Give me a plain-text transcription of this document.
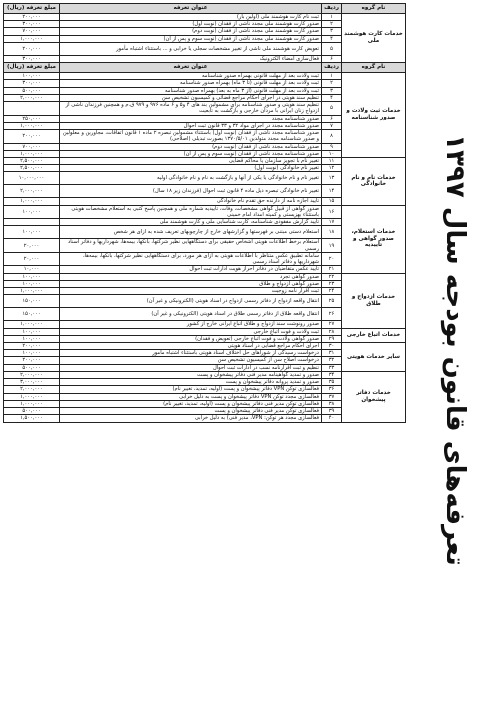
تعرفه‌های قانون بودجه سال ۱۳۹۷
مبلغ تعرفه (ریال)	عنوان تعرفه	ردیف	نام گروه
۲۰۰,۰۰۰	ثبت نام کارت هوشمند ملی (اولین بار)	۱	خدمات کارت هوشمند ملی
۳۰۰,۰۰۰	صدور کارت هوشمند ملی مجدد ناشی از فقدان (نوبت اول)	۲	
۷۰۰,۰۰۰	صدور کارت هوشمند ملی مجدد ناشی از فقدان (نوبت دوم)	۳	
۱,۰۰۰,۰۰۰	صدور کارت هوشمند ملی مجدد ناشی از فقدان (نوبت سوم و پس از آن)	۴	
۲۰۰,۰۰۰	تعویض کارت هوشمند ملی ناشی از تغییر مشخصات سجلی یا خرابی و ... باستثناء اشتباه مأمور	۵	
۳۰۰,۰۰۰	فعال‌سازی امضاء الکترونیک	۶	
مبلغ تعرفه (ریال)	عنوان تعرفه	ردیف	نام گروه
۱۰۰,۰۰۰	ثبت ولادت بعد از مهلت قانونی بهمراه صدور شناسنامه	۱	خدمات ثبت ولادت و صدور شناسنامه
۳۰۰,۰۰۰	ثبت ولادت بعد از مهلت قانونی (تا ۳ ماه) بهمراه صدور شناسنامه	۲	
۵۰۰,۰۰۰	ثبت ولادت بعد از مهلت قانونی (از ۳ ماه به بعد) بهمراه صدور شناسنامه	۳	
۲,۰۰۰,۰۰۰	تنظیم سند هویتی در اجرای احکام مراجع قضائی و کمیسیون تشخیص سن	۴	
	تنظیم سند هویتی و صدور شناسنامه برای مشمولین بند های ۴ و۵ و ۶ ماده ۹۷۶ و ۹۷۹ ق.م و همچنین فرزندان ناشی از ازدواج زنان ایرانی با مردان خارجی و بازگشت به تابعیت	۵	
۲۵۰,۰۰۰	صدور شناسنامه مجدد	۶	
۱,۰۰۰,۰۰۰	صدور شناسنامه مجدد در اجرای مواد ۳۲ و ۳۳ قانون ثبت احوال	۷	
۲۰۰,۰۰۰	صدور شناسنامه مجدد ناشی از فقدان (نوبت اول) باستثناء مشمولین تبصره ۲ ماده ۱ قانون اتفاقات، مجاورین و معلولین و صدور شناسنامه مجدد متولدین ۱۳۷۰/۵/۰۱ بصورت تبدیلی (اصلاحی)	۸	
۷۰۰,۰۰۰	صدور شناسنامه مجدد ناشی از فقدان (نوبت دوم)	۹	
۱,۰۰۰,۰۰۰	صدور شناسنامه مجدد ناشی از فقدان (نوبت سوم و پس از آن)	۱۰	
۲,۵۰۰,۰۰۰	تغییر نام با تجویز سازمان یا محاکم قضایی	۱۱	خدمات نام و نام خانوادگی
۲,۵۰۰,۰۰۰	تغییر نام خانوادگی (نوبت اول)	۱۲	
۱۰,۰۰۰,۰۰۰	تغییر نام و نام خانوادگی یا یکی از آنها و بازگشت به نام و نام خانوادگی اولیه	۱۳	
۲,۰۰۰,۰۰۰	تغییر نام خانوادگی تبصره ذیل ماده ۴ قانون ثبت احوال (فرزندان زیر ۱۸ سال)	۱۴	
۱,۰۰۰,۰۰۰	تأیید اجازه نامه از دارنده حق تقدم نام خانوادگی	۱۵	
۱۰۰,۰۰۰	صدور گواهی از قبیل گواهی مشخصات، وفات، تأییدیه شماره ملی و همچنین پاسخ کتبی به استعلام مشخصات هویتی باستثناء بهزیستی و کمیته امداد امام خمینی	۱۶	خدمات استعلام، صدور گواهی و تأییدیه
	تأیید گزارش مفقودی شناسنامه، کارت شناسایی ملی و کارت هوشمند ملی	۱۷	
۱۰۰,۰۰۰	استعلام دستی مبتنی بر فهرستها و گزارشهای خارج از چارچوبهای تعریف شده به ازای هر شخص	۱۸	
۲۰,۰۰۰	استعلام برخط اطلاعات هویتی اشخاص حقیقی برای دستگاههایی نظیر شرکتها، بانکها، بیمه‌ها، شهرداریها و دفاتر اسناد رسمی	۱۹	
۲۰,۰۰۰	سامانه تطبیق عکس متناظر با اطلاعات هویتی به ازای هر مورد، برای دستگاههایی نظیر شرکتها، بانکها، بیمه‌ها، شهرداریها و دفاتر اسناد رسمی	۲۰	
۱۰,۰۰۰	تأیید عکس متقاضیان در دفاتر احراز هویت ادارات ثبت احوال	۲۱	
۱۰۰,۰۰۰	صدور گواهی تجرد	۲۲	خدمات ازدواج و طلاق
۱۰۰,۰۰۰	صدور گواهی ازدواج و طلاق	۲۳	
۱,۰۰۰,۰۰۰	ثبت اقرار نامه زوجیت	۲۴	
۱۵۰,۰۰۰	انتقال واقعه ازدواج از دفاتر رسمی ازدواج در اسناد هویتی (الکترونیکی و غیر آن)	۲۵	
۱۵۰,۰۰۰	انتقال واقعه طلاق از دفاتر رسمی طلاق در اسناد هویتی (الکترونیکی و غیر آن)	۲۶	
۱,۰۰۰,۰۰۰	صدور رونوشت سند ازدواج و طلاق اتباع ایرانی خارج از کشور	۲۷	
۱۰۰,۰۰۰	ثبت ولادت و فوت اتباع خارجی	۲۸	خدمات اتباع خارجی
۱۰۰,۰۰۰	صدور گواهی ولادت و فوت اتباع خارجی (تعویض و فقدان)	۲۹	
۲۰۰,۰۰۰	اجرای احکام مراجع قضایی در اسناد هویتی	۳۰	سایر خدمات هویتی
۱۰۰,۰۰۰	درخواست رسیدگی از شوراهای حل اختلاف اسناد هویتی باستثناء اشتباه مأمور	۳۱	
۲۰۰,۰۰۰	درخواست اصلاح سن از کمیسیون تشخیص سن	۳۲	
۵۰۰,۰۰۰	تنظیم و ثبت اقرارنامه نسب در ادارات ثبت احوال	۳۳	
۲,۰۰۰,۰۰۰	صدور و تمدید گواهینامه مدیر فنی دفاتر پیشخوان و پست	۳۴	خدمات دفاتر پیشخوان
۳,۰۰۰,۰۰۰	صدور و تمدید پروانه دفاتر پیشخوان و پست	۳۵	
۲,۰۰۰,۰۰۰	فعالسازی توکن VPN دفاتر پیشخوان و پست (اولیه، تمدید، تغییر نام)	۳۶	
۱,۰۰۰,۰۰۰	فعالسازی مجدد توکن VPN دفاتر پیشخوان و پست به دلیل خرابی	۳۷	
۱,۰۰۰,۰۰۰	فعالسازی توکن مدیر فنی دفاتر پیشخوان و پست (اولیه، تمدید، تغییر نام)	۳۸	
۵۰۰,۰۰۰	فعالسازی توکن مدیر فنی دفاتر پیشخوان و پست	۳۹	
۱,۵۰۰,۰۰۰	فعالسازی مجدد هر توکن: VPN، مدیر فنی) به دلیل خرابی	۴۰	
